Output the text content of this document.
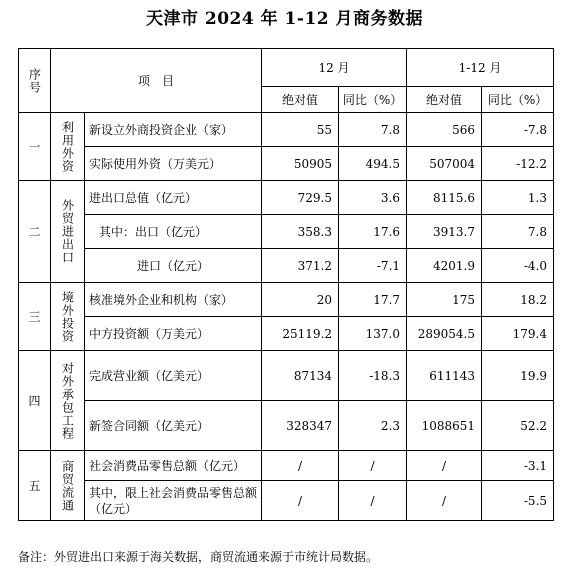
天津市 2024 年 1-12 月商务数据
序号	项　目		12 月		1-12 月	
			绝对值	同比（%）	绝对值	同比（%）
一	利用外资	新设立外商投资企业（家）	55	7.8	566	-7.8
		实际使用外资（万美元）	50905	494.5	507004	-12.2
二	外贸进出口	进出口总值（亿元）	729.5	3.6	8115.6	1.3
		其中：出口（亿元）	358.3	17.6	3913.7	7.8
		进口（亿元）	371.2	-7.1	4201.9	-4.0
三	境外投资	核准境外企业和机构（家）	20	17.7	175	18.2
		中方投资额（万美元）	25119.2	137.0	289054.5	179.4
四	对外承包工程	完成营业额（亿美元）	87134	-18.3	611143	19.9
		新签合同额（亿美元）	328347	2.3	1088651	52.2
五	商贸流通	社会消费品零售总额（亿元）	/	/	/	-3.1
		其中，限上社会消费品零售总额（亿元）	/	/	/	-5.5
备注：外贸进出口来源于海关数据，商贸流通来源于市统计局数据。
